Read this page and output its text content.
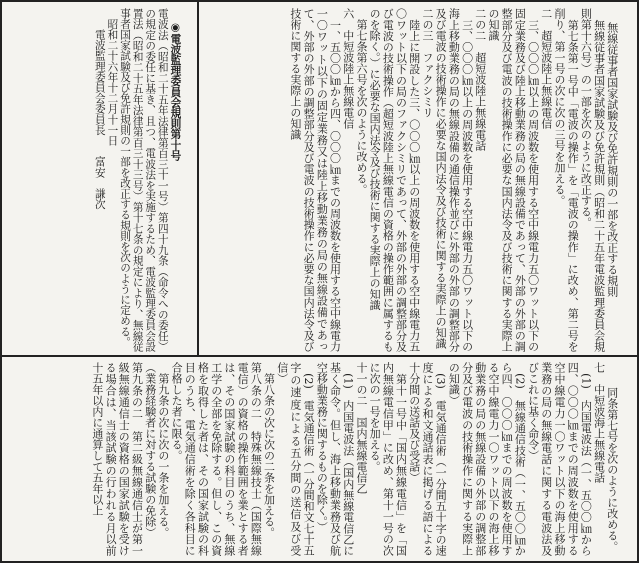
◉電波監理委員会規則第十号
電波法（昭和二十五年法律第百三十一号）第四十九条（命令への委任）の規定の委任に基き、且つ、電波法を実施するため、電波監理委員会設置法（昭和二十五年法律第百三十三号）第十七条の規定により、無線従事者国家試験及び免許規則の一部を改正する規則を次のように定める。
　昭和二十六年十二月十一日
　　電波監理委員会委員長　　富安　謙次
	無線従事者国家試験及び免許規則の一部を改正する規則
　無線従事者国家試験及び免許規則（昭和二十五年電波監理委員会規則第十六号）の一部を次のように改正する。
　第七条第一号中「電波の操作」を「電波の操作」に改め、第二号を削り、第一号の次に次の三号を加える。
二　超短波陸上無線電信
　三、〇〇〇㎞以上の周波数を使用する空中線電力五〇ワット以下の固定業務及び陸上移動業務の局の無線設備であって、外部の外部の調整部分及び電波の技術操作に必要な国内法令及び技術に関する実際上の知識
二の二　超短波陸上無線電話
　三、〇〇〇㎞以上の周波数を使用する空中線電力五〇ワット以下の海上移動業務の局の無線設備の通信操作並びに外部の外部の調整部分及び電波の技術操作に必要な国内法令及び技術に関する実際上の知識
二の三　ファクシミリ
　陸上に開設した三、〇〇〇㎞以上の周波数を使用する空中線電力五〇ワット以下の局のファクシミリであって、外部の外部の調整部分及び電波の技術操作（超短波陸上無線電信の資格の操作範囲に属するものを除く。）に必要な国内法令及び技術に関する実際上の知識
　第七条第六号を次のように改める。
六　中短波陸上無線電信
　一、五〇〇㎞から四、〇〇〇㎞までの周波数を使用する空中線電力一〇ワット以下の固定業務又は陸上移動業務の局の無線設備であって、外部の外部の調整部分及び電波の技術操作に必要な国内法令及び技術に関する実際上の知識

　同条第七号を次のように改める。
七　中短波海上無線電話
　(1)　内国電波法（一、五〇〇㎞から四、〇〇〇㎞までの周波数を使用する空中線電力一〇ワット以下の海上移動業務の局の無線電話に関する電波法及びこれに基く命令）
　(2)　無線通信技術（一、五〇〇㎞から四、〇〇〇㎞までの周波数を使用する空中線電力一〇ワット以下の海上移動業務の局の無線設備の外部の調整部分及び電波の技術操作に関する実際上の知識）
　(3)　電気通信術（一分間五十字の速度による和文通話表に掲げる語による十分間の送話及び受話）
　第十一号中「国内無線電信」を「国内無線電信甲」に改め、第十一号の次に次の一号を加える。
十一の二　国内無線電信乙
　(1)　内国電波法（国内無線電信乙に基く命令。但し、海上移動業務及び航空移動業務に関するものを除く。）
　(2)　電気通信術（一分間和文七十五字の速度による五分間の送信及び受信）
　第八条の次に次の二条を加える。
第八条の二　特殊無線技士（国際無線電信）の資格の操作範囲を業とする者は、その国家試験の科目のうち、無線工学の全部を免除する。但し、この資格を取得した者は、その国家試験の科目のうち、電気通信術を除く各科目に合格した者に限る。
　第九条の次に次の一条を加える。
（業務経験者に対する試験の免除）
第九条の二　第二級無線通信士が第一級無線通信士の資格の国家試験を受ける場合は、当該試験の行われる月以前十五年以内に通算して五年以上
